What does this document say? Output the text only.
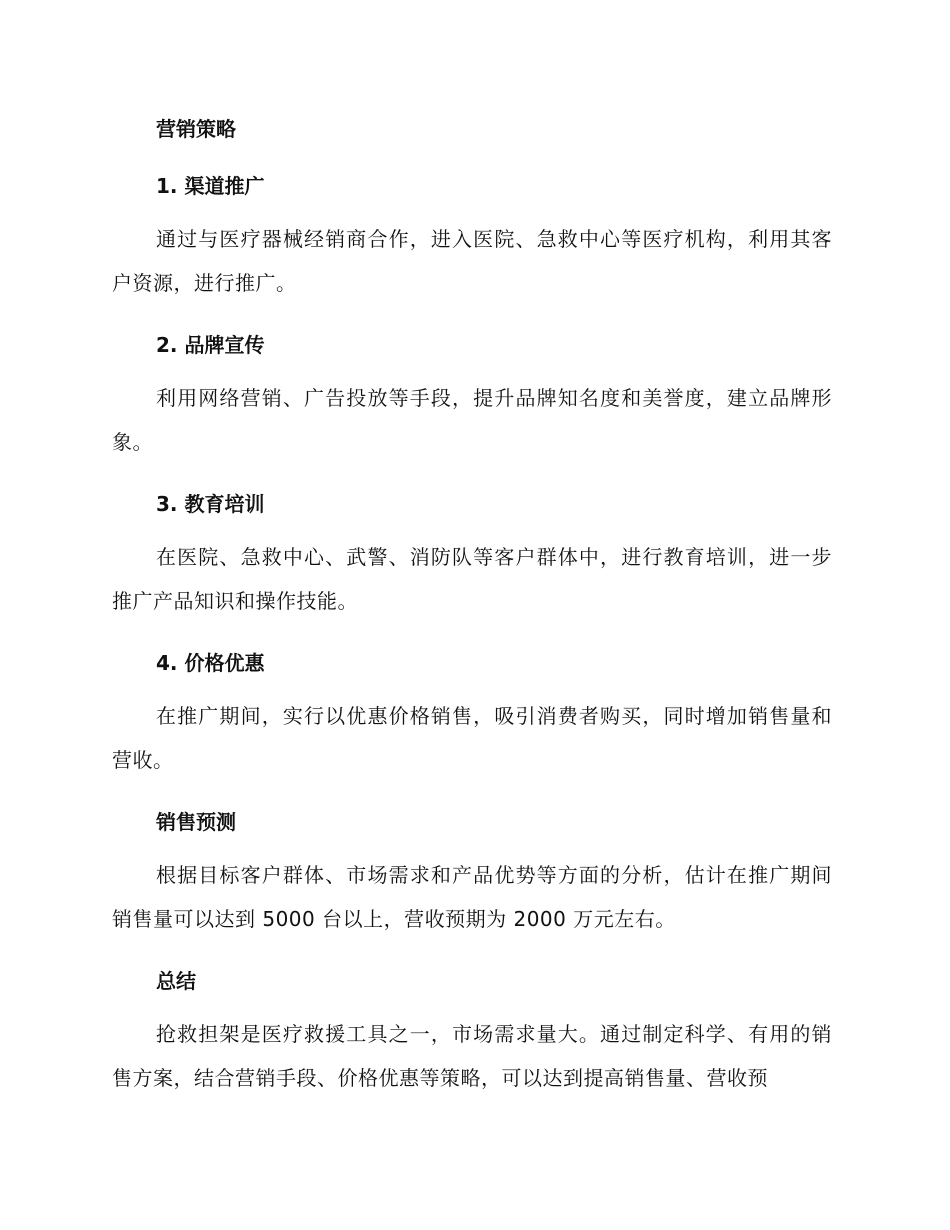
营销策略
1. 渠道推广

通过与医疗器械经销商合作，进入医院、急救中心等医疗机构，利用其客户资源，进行推广。

2. 品牌宣传

利用网络营销、广告投放等手段，提升品牌知名度和美誉度，建立品牌形象。

3. 教育培训

在医院、急救中心、武警、消防队等客户群体中，进行教育培训，进一步推广产品知识和操作技能。

4. 价格优惠

在推广期间，实行以优惠价格销售，吸引消费者购买，同时增加销售量和营收。

销售预测

根据目标客户群体、市场需求和产品优势等方面的分析，估计在推广期间销售量可以达到 5000 台以上，营收预期为 2000 万元左右。

总结

抢救担架是医疗救援工具之一，市场需求量大。通过制定科学、有用的销售方案，结合营销手段、价格优惠等策略，可以达到提高销售量、营收预
